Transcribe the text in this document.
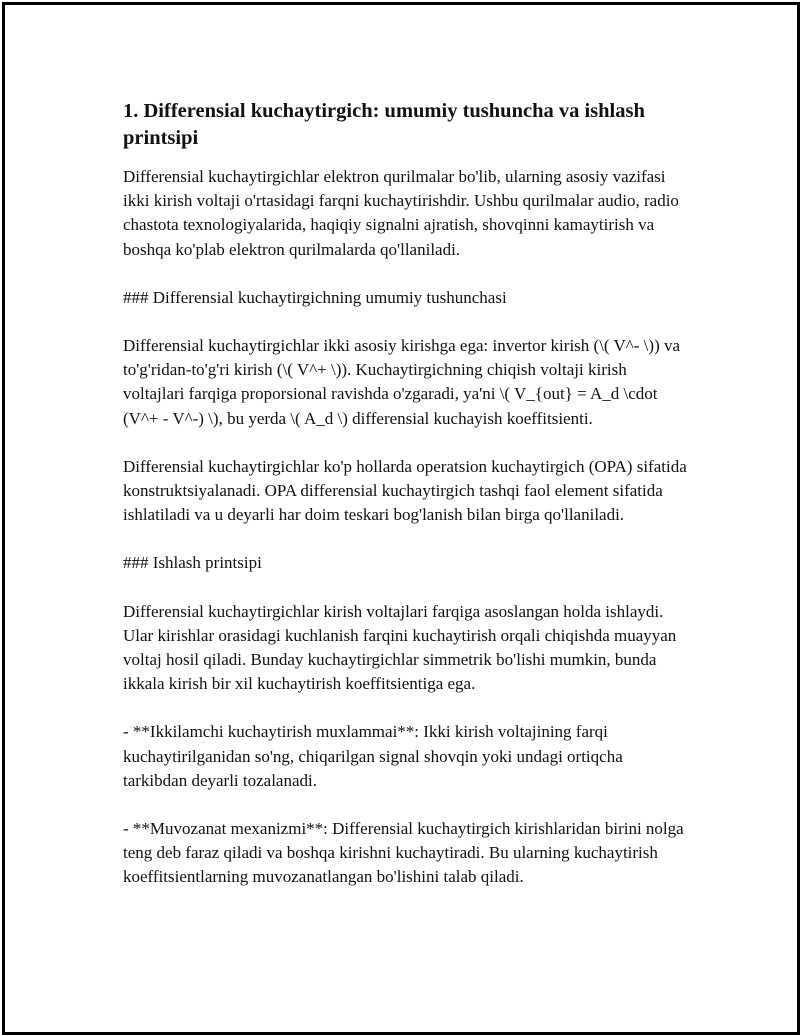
1. Differensial kuchaytirgich: umumiy tushuncha va ishlash printsipi

Differensial kuchaytirgichlar elektron qurilmalar bo'lib, ularning asosiy vazifasi ikki kirish voltaji o'rtasidagi farqni kuchaytirishdir. Ushbu qurilmalar audio, radio chastota texnologiyalarida, haqiqiy signalni ajratish, shovqinni kamaytirish va boshqa ko'plab elektron qurilmalarda qo'llaniladi.

### Differensial kuchaytirgichning umumiy tushunchasi

Differensial kuchaytirgichlar ikki asosiy kirishga ega: invertor kirish (\( V^- \)) va to'g'ridan-to'g'ri kirish (\( V^+ \)). Kuchaytirgichning chiqish voltaji kirish voltajlari farqiga proporsional ravishda o'zgaradi, ya'ni \( V_{out} = A_d \cdot (V^+ - V^-) \), bu yerda \( A_d \) differensial kuchayish koeffitsienti.

Differensial kuchaytirgichlar ko'p hollarda operatsion kuchaytirgich (OPA) sifatida konstruktsiyalanadi. OPA differensial kuchaytirgich tashqi faol element sifatida ishlatiladi va u deyarli har doim teskari bog'lanish bilan birga qo'llaniladi.

### Ishlash printsipi

Differensial kuchaytirgichlar kirish voltajlari farqiga asoslangan holda ishlaydi. Ular kirishlar orasidagi kuchlanish farqini kuchaytirish orqali chiqishda muayyan voltaj hosil qiladi. Bunday kuchaytirgichlar simmetrik bo'lishi mumkin, bunda ikkala kirish bir xil kuchaytirish koeffitsientiga ega.

- **Ikkilamchi kuchaytirish muxlammai**: Ikki kirish voltajining farqi kuchaytirilganidan so'ng, chiqarilgan signal shovqin yoki undagi ortiqcha tarkibdan deyarli tozalanadi.

- **Muvozanat mexanizmi**: Differensial kuchaytirgich kirishlaridan birini nolga teng deb faraz qiladi va boshqa kirishni kuchaytiradi. Bu ularning kuchaytirish koeffitsientlarning muvozanatlangan bo'lishini talab qiladi.
